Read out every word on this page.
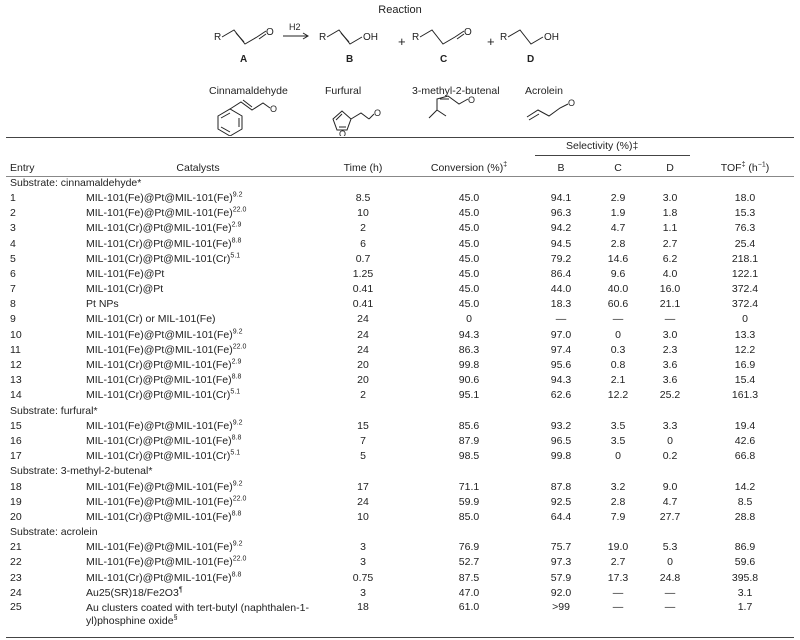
Reaction
R	O H2
R	OH + R	O
+ R	OH
A	B	C	D
Cinnamaldehyde	Furfural	3-methyl-2-butenal Acrolein
O
O
O
O	O
Selectivity (%)‡
Entry	Catalysts	Time (h)	Conversion (%)‡	B	C	D	TOF‡ $(h^{-1})$
Substrate: cinnamaldehyde*							
1	MIL-$101(Fe)@Pt@MIL-101(Fe)^{9.2}$	8.5	45.0	94.1	2.9	3.0	18.0
2	MIL-$101(Fe)@Pt@MIL-101(Fe)^{22.0}$	10	45.0	96.3	1.9	1.8	15.3
3	MIL-$101(Cr)@Pt@MIL-101(Fe)^{2.9}$	2	45.0	94.2	4.7	1.1	76.3
4	MIL-$101(Cr)@Pt@MIL-101(Fe)^{8.8}$	6	45.0	94.5	2.8	2.7	25.4
5	MIL-$101(Cr)@Pt@MIL-101(Cr)^{5.1}$	0.7	45.0	79.2	14.6	6.2	218.1
6	MIL-101(Fe)@Pt	1.25	45.0	86.4	9.6	4.0	122.1
7	MIL-101(Cr)@Pt	0.41	45.0	44.0	40.0	16.0	372.4
8	Pt NPs	0.41	45.0	18.3	60.6	21.1	372.4
9	MIL-101(Cr) or MIL-101(Fe)	24	0	—	—	—	0
10	MIL-$101(Fe)@Pt@MIL-101(Fe)^{9.2}$	24	94.3	97.0	0	3.0	13.3
11	MIL-$101(Fe)@Pt@MIL-101(Fe)^{22.0}$	24	86.3	97.4	0.3	2.3	12.2
12	MIL-$101(Cr)@Pt@MIL-101(Fe)^{2.9}$	20	99.8	95.6	0.8	3.6	16.9
13	MIL-$101(Cr)@Pt@MIL-101(Fe)^{8.8}$	20	90.6	94.3	2.1	3.6	15.4
14	MIL-$101(Cr)@Pt@MIL-101(Cr)^{5.1}$	2	95.1	62.6	12.2	25.2	161.3
Substrate: furfural*							
15	MIL-$101(Fe)@Pt@MIL-101(Fe)^{9.2}$	15	85.6	93.2	3.5	3.3	19.4
16	MIL-$101(Cr)@Pt@MIL-101(Fe)^{8.8}$	7	87.9	96.5	3.5	0	42.6
17	MIL-$101(Cr)@Pt@MIL-101(Cr)^{5.1}$	5	98.5	99.8	0	0.2	66.8
Substrate: 3-methyl-2-butenal*							
18	MIL-$101(Fe)@Pt@MIL-101(Fe)^{9.2}$	17	71.1	87.8	3.2	9.0	14.2
19	MIL-$101(Fe)@Pt@MIL-101(Fe)^{22.0}$	24	59.9	92.5	2.8	4.7	8.5
20	MIL-$101(Cr)@Pt@MIL-101(Fe)^{8.8}$	10	85.0	64.4	7.9	27.7	28.8
Substrate: acrolein							
21	MIL-$101(Fe)@Pt@MIL-101(Fe)^{9.2}$	3	76.9	75.7	19.0	5.3	86.9
22	MIL-$101(Fe)@Pt@MIL-101(Fe)^{22.0}$	3	52.7	97.3	2.7	0	59.6
23	MIL-$101(Cr)@Pt@MIL-101(Fe)^{8.8}$	0.75	87.5	57.9	17.3	24.8	395.8
24	Au25(SR)18/Fe2O3¶	3	47.0	92.0	—	—	3.1
25	Au clusters coated with tert-butyl (naphthalen-1-yl)phosphine oxide§	18	61.0	>99	—	—	1.7
